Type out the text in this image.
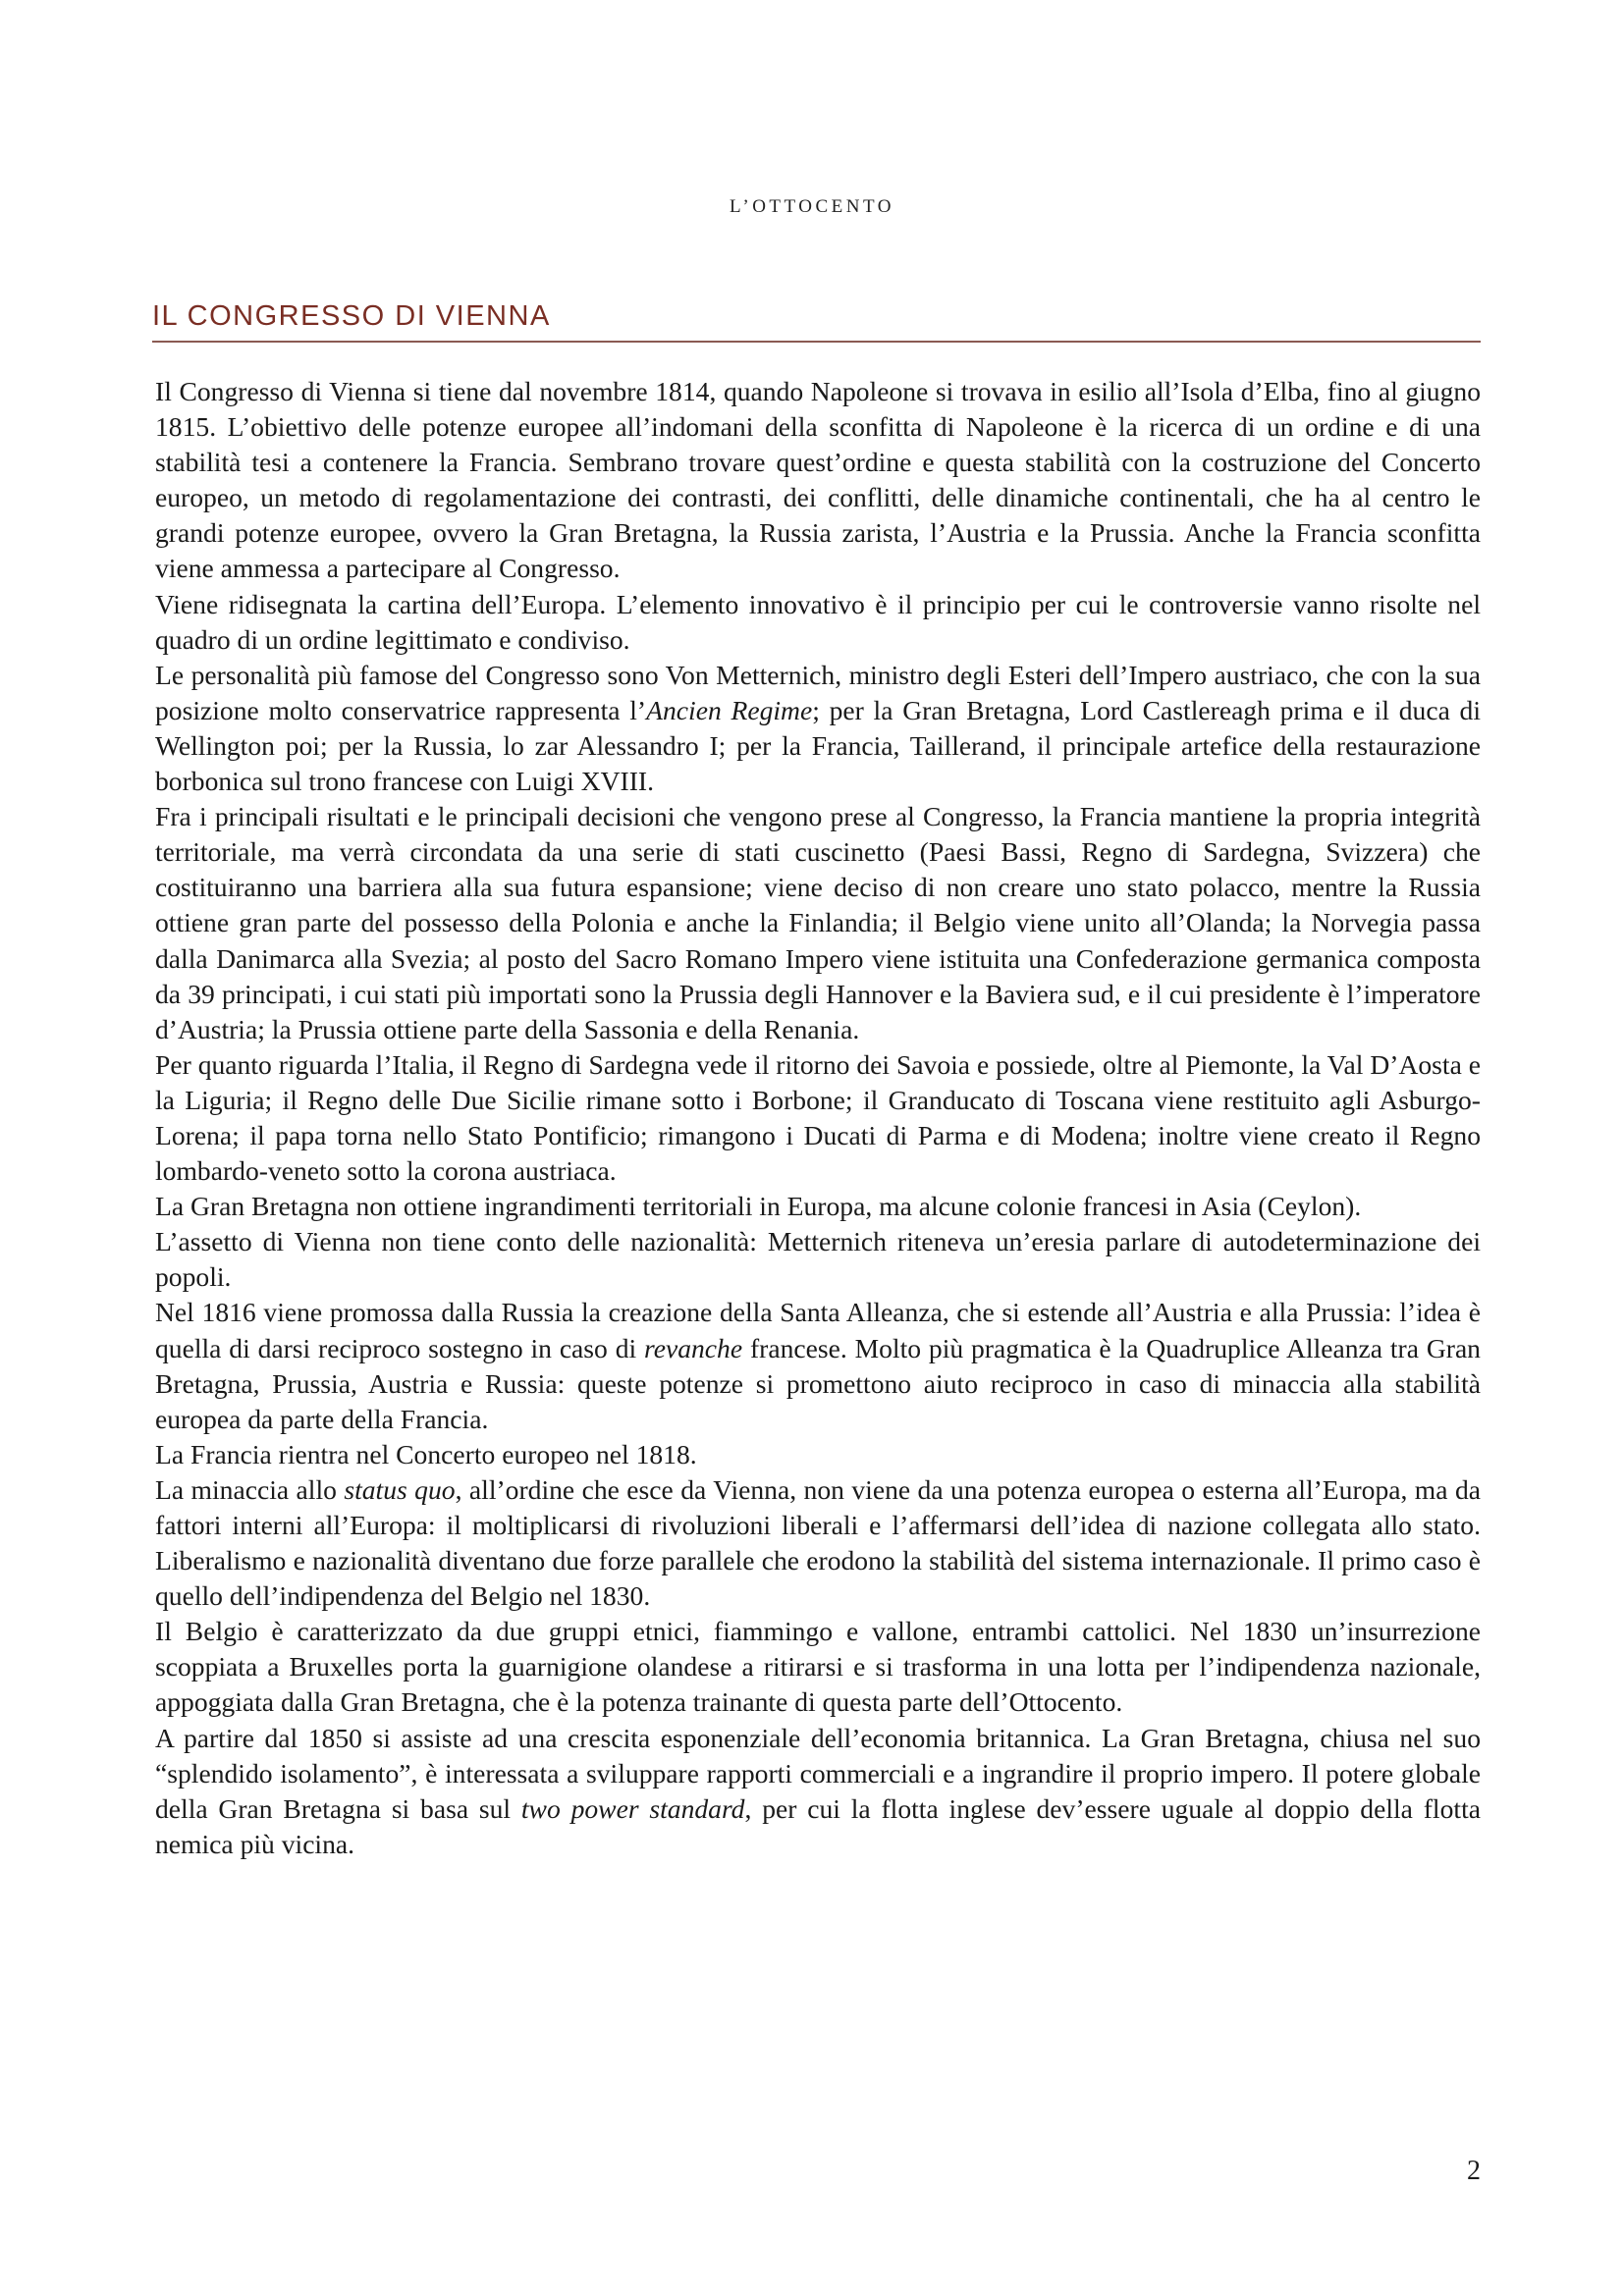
L’OTTOCENTO
IL CONGRESSO DI VIENNA

Il Congresso di Vienna si tiene dal novembre 1814, quando Napoleone si trovava in esilio all’Isola d’Elba, fino al giugno 1815. L’obiettivo delle potenze europee all’indomani della sconfitta di Napoleone è la ricerca di un ordine e di una stabilità tesi a contenere la Francia. Sembrano trovare quest’ordine e questa stabilità con la costruzione del Concerto europeo, un metodo di regolamentazione dei contrasti, dei conflitti, delle dinamiche continentali, che ha al centro le grandi potenze europee, ovvero la Gran Bretagna, la Russia zarista, l’Austria e la Prussia. Anche la Francia sconfitta viene ammessa a partecipare al Congresso.

Viene ridisegnata la cartina dell’Europa. L’elemento innovativo è il principio per cui le controversie vanno risolte nel quadro di un ordine legittimato e condiviso.

Le personalità più famose del Congresso sono Von Metternich, ministro degli Esteri dell’Impero austriaco, che con la sua posizione molto conservatrice rappresenta l’Ancien Regime; per la Gran Bretagna, Lord Castlereagh prima e il duca di Wellington poi; per la Russia, lo zar Alessandro I; per la Francia, Taillerand, il principale artefice della restaurazione borbonica sul trono francese con Luigi XVIII.

Fra i principali risultati e le principali decisioni che vengono prese al Congresso, la Francia mantiene la propria integrità territoriale, ma verrà circondata da una serie di stati cuscinetto (Paesi Bassi, Regno di Sardegna, Svizzera) che costituiranno una barriera alla sua futura espansione; viene deciso di non creare uno stato polacco, mentre la Russia ottiene gran parte del possesso della Polonia e anche la Finlandia; il Belgio viene unito all’Olanda; la Norvegia passa dalla Danimarca alla Svezia; al posto del Sacro Romano Impero viene istituita una Confederazione germanica composta da 39 principati, i cui stati più importati sono la Prussia degli Hannover e la Baviera sud, e il cui presidente è l’imperatore d’Austria; la Prussia ottiene parte della Sassonia e della Renania.

Per quanto riguarda l’Italia, il Regno di Sardegna vede il ritorno dei Savoia e possiede, oltre al Piemonte, la Val D’Aosta e la Liguria; il Regno delle Due Sicilie rimane sotto i Borbone; il Granducato di Toscana viene restituito agli Asburgo-Lorena; il papa torna nello Stato Pontificio; rimangono i Ducati di Parma e di Modena; inoltre viene creato il Regno lombardo-veneto sotto la corona austriaca.

La Gran Bretagna non ottiene ingrandimenti territoriali in Europa, ma alcune colonie francesi in Asia (Ceylon).

L’assetto di Vienna non tiene conto delle nazionalità: Metternich riteneva un’eresia parlare di autodeterminazione dei popoli.

Nel 1816 viene promossa dalla Russia la creazione della Santa Alleanza, che si estende all’Austria e alla Prussia: l’idea è quella di darsi reciproco sostegno in caso di revanche francese. Molto più pragmatica è la Quadruplice Alleanza tra Gran Bretagna, Prussia, Austria e Russia: queste potenze si promettono aiuto reciproco in caso di minaccia alla stabilità europea da parte della Francia.

La Francia rientra nel Concerto europeo nel 1818.

La minaccia allo status quo, all’ordine che esce da Vienna, non viene da una potenza europea o esterna all’Europa, ma da fattori interni all’Europa: il moltiplicarsi di rivoluzioni liberali e l’affermarsi dell’idea di nazione collegata allo stato. Liberalismo e nazionalità diventano due forze parallele che erodono la stabilità del sistema internazionale. Il primo caso è quello dell’indipendenza del Belgio nel 1830.

Il Belgio è caratterizzato da due gruppi etnici, fiammingo e vallone, entrambi cattolici. Nel 1830 un’insurrezione scoppiata a Bruxelles porta la guarnigione olandese a ritirarsi e si trasforma in una lotta per l’indipendenza nazionale, appoggiata dalla Gran Bretagna, che è la potenza trainante di questa parte dell’Ottocento.

A partire dal 1850 si assiste ad una crescita esponenziale dell’economia britannica. La Gran Bretagna, chiusa nel suo “splendido isolamento”, è interessata a sviluppare rapporti commerciali e a ingrandire il proprio impero. Il potere globale della Gran Bretagna si basa sul two power standard, per cui la flotta inglese dev’essere uguale al doppio della flotta nemica più vicina.

2
